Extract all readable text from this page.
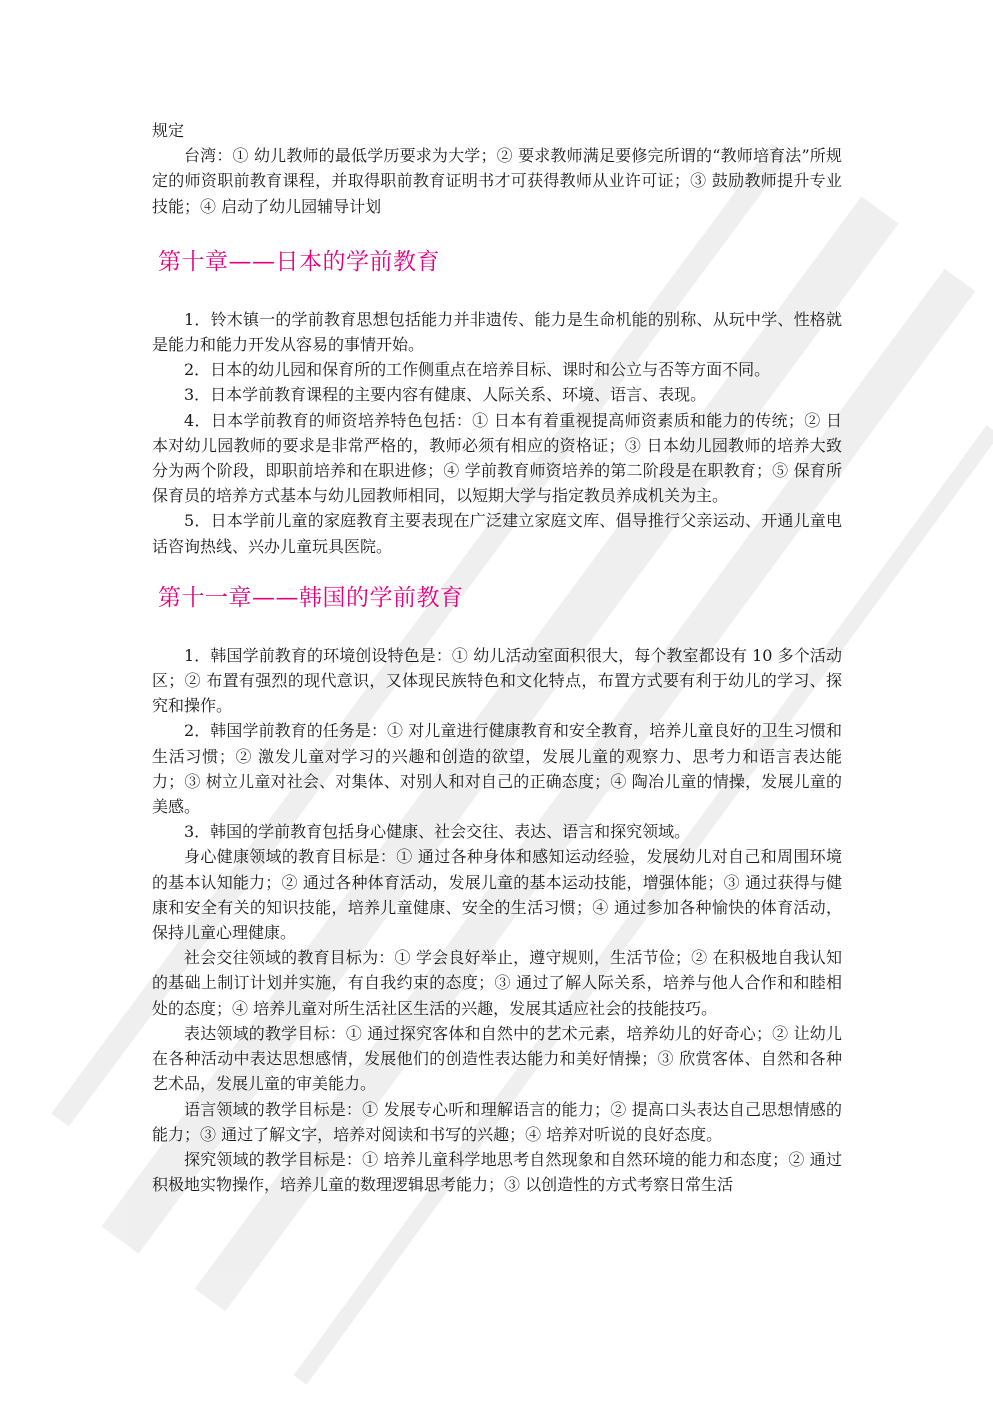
规定

台湾：① 幼儿教师的最低学历要求为大学；② 要求教师满足要修完所谓的“教师培育法”所规定的师资职前教育课程，并取得职前教育证明书才可获得教师从业许可证；③ 鼓励教师提升专业技能；④ 启动了幼儿园辅导计划

第十章——日本的学前教育

1．铃木镇一的学前教育思想包括能力并非遗传、能力是生命机能的别称、从玩中学、性格就是能力和能力开发从容易的事情开始。

2．日本的幼儿园和保育所的工作侧重点在培养目标、课时和公立与否等方面不同。

3．日本学前教育课程的主要内容有健康、人际关系、环境、语言、表现。

4．日本学前教育的师资培养特色包括：① 日本有着重视提高师资素质和能力的传统；② 日本对幼儿园教师的要求是非常严格的，教师必须有相应的资格证；③ 日本幼儿园教师的培养大致分为两个阶段，即职前培养和在职进修；④ 学前教育师资培养的第二阶段是在职教育；⑤ 保育所保育员的培养方式基本与幼儿园教师相同，以短期大学与指定教员养成机关为主。

5．日本学前儿童的家庭教育主要表现在广泛建立家庭文库、倡导推行父亲运动、开通儿童电话咨询热线、兴办儿童玩具医院。

第十一章——韩国的学前教育

1．韩国学前教育的环境创设特色是：① 幼儿活动室面积很大，每个教室都设有 10 多个活动区；② 布置有强烈的现代意识，又体现民族特色和文化特点，布置方式要有利于幼儿的学习、探究和操作。

2．韩国学前教育的任务是：① 对儿童进行健康教育和安全教育，培养儿童良好的卫生习惯和生活习惯；② 激发儿童对学习的兴趣和创造的欲望，发展儿童的观察力、思考力和语言表达能力；③ 树立儿童对社会、对集体、对别人和对自己的正确态度；④ 陶冶儿童的情操，发展儿童的美感。

3．韩国的学前教育包括身心健康、社会交往、表达、语言和探究领域。

身心健康领域的教育目标是：① 通过各种身体和感知运动经验，发展幼儿对自己和周围环境的基本认知能力；② 通过各种体育活动，发展儿童的基本运动技能，增强体能；③ 通过获得与健康和安全有关的知识技能，培养儿童健康、安全的生活习惯；④ 通过参加各种愉快的体育活动，保持儿童心理健康。

社会交往领域的教育目标为：① 学会良好举止，遵守规则，生活节俭；② 在积极地自我认知的基础上制订计划并实施，有自我约束的态度；③ 通过了解人际关系，培养与他人合作和和睦相处的态度；④ 培养儿童对所生活社区生活的兴趣，发展其适应社会的技能技巧。

表达领域的教学目标：① 通过探究客体和自然中的艺术元素，培养幼儿的好奇心；② 让幼儿在各种活动中表达思想感情，发展他们的创造性表达能力和美好情操；③ 欣赏客体、自然和各种艺术品，发展儿童的审美能力。

语言领域的教学目标是：① 发展专心听和理解语言的能力；② 提高口头表达自己思想情感的能力；③ 通过了解文字，培养对阅读和书写的兴趣；④ 培养对听说的良好态度。

探究领域的教学目标是：① 培养儿童科学地思考自然现象和自然环境的能力和态度；② 通过积极地实物操作，培养儿童的数理逻辑思考能力；③ 以创造性的方式考察日常生活
